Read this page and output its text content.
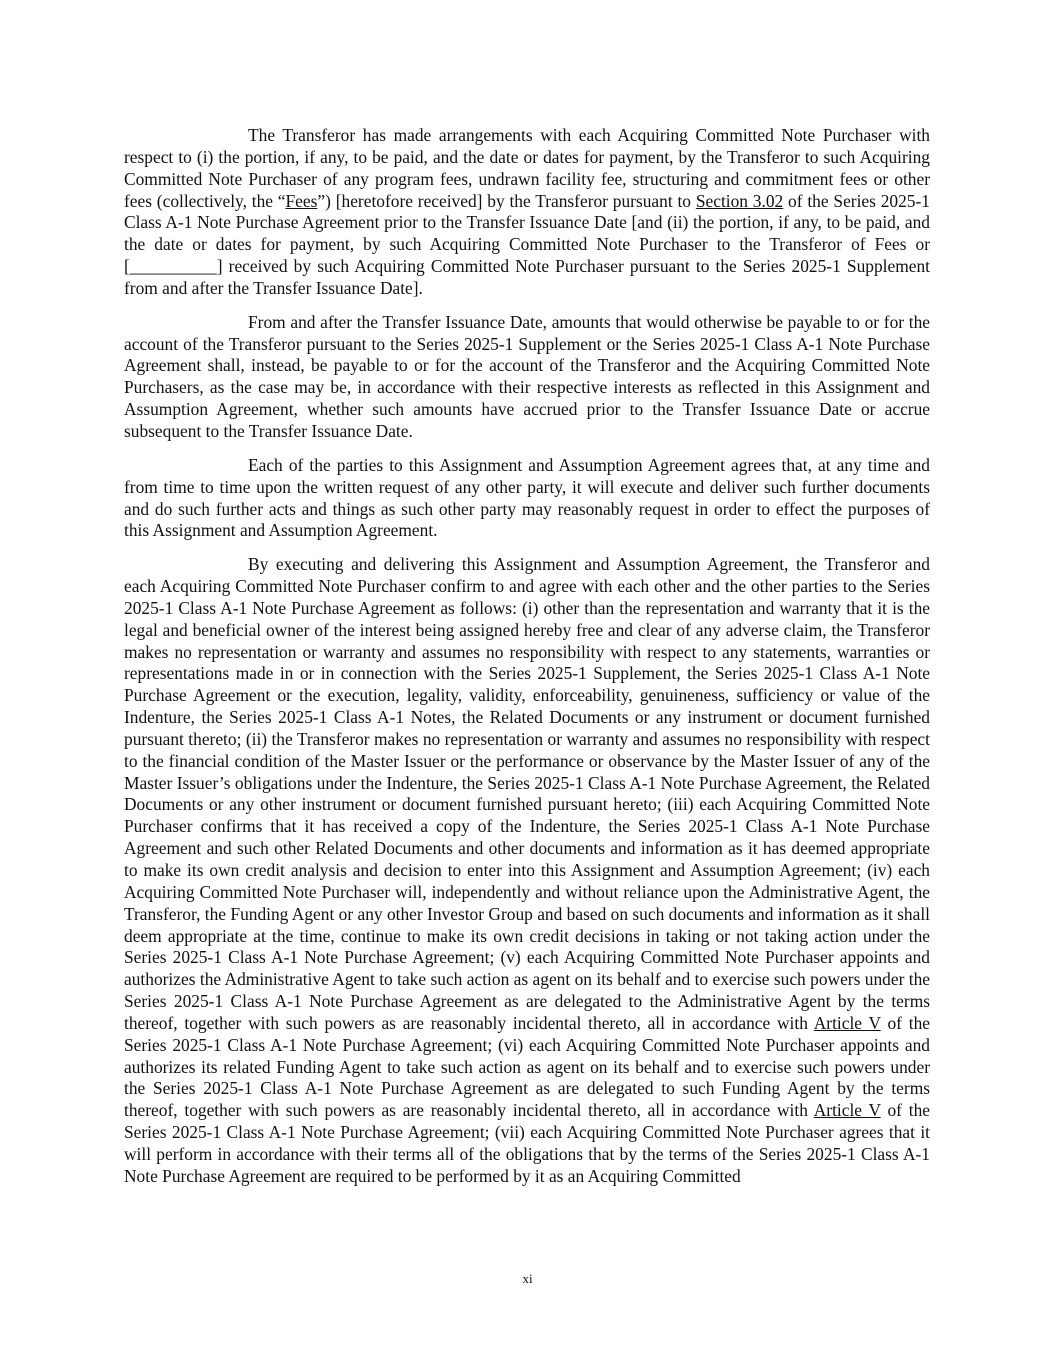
The Transferor has made arrangements with each Acquiring Committed Note Purchaser with respect to (i) the portion, if any, to be paid, and the date or dates for payment, by the Transferor to such Acquiring Committed Note Purchaser of any program fees, undrawn facility fee, structuring and commitment fees or other fees (collectively, the “Fees”) [heretofore received] by the Transferor pursuant to Section 3.02 of the Series 2025-1 Class A-1 Note Purchase Agreement prior to the Transfer Issuance Date [and (ii) the portion, if any, to be paid, and the date or dates for payment, by such Acquiring Committed Note Purchaser to the Transferor of Fees or [__________] received by such Acquiring Committed Note Purchaser pursuant to the Series 2025-1 Supplement from and after the Transfer Issuance Date].

From and after the Transfer Issuance Date, amounts that would otherwise be payable to or for the account of the Transferor pursuant to the Series 2025-1 Supplement or the Series 2025-1 Class A-1 Note Purchase Agreement shall, instead, be payable to or for the account of the Transferor and the Acquiring Committed Note Purchasers, as the case may be, in accordance with their respective interests as reflected in this Assignment and Assumption Agreement, whether such amounts have accrued prior to the Transfer Issuance Date or accrue subsequent to the Transfer Issuance Date.

Each of the parties to this Assignment and Assumption Agreement agrees that, at any time and from time to time upon the written request of any other party, it will execute and deliver such further documents and do such further acts and things as such other party may reasonably request in order to effect the purposes of this Assignment and Assumption Agreement.

By executing and delivering this Assignment and Assumption Agreement, the Transferor and each Acquiring Committed Note Purchaser confirm to and agree with each other and the other parties to the Series 2025-1 Class A-1 Note Purchase Agreement as follows: (i) other than the representation and warranty that it is the legal and beneficial owner of the interest being assigned hereby free and clear of any adverse claim, the Transferor makes no representation or warranty and assumes no responsibility with respect to any statements, warranties or representations made in or in connection with the Series 2025-1 Supplement, the Series 2025-1 Class A-1 Note Purchase Agreement or the execution, legality, validity, enforceability, genuineness, sufficiency or value of the Indenture, the Series 2025-1 Class A-1 Notes, the Related Documents or any instrument or document furnished pursuant thereto; (ii) the Transferor makes no representation or warranty and assumes no responsibility with respect to the financial condition of the Master Issuer or the performance or observance by the Master Issuer of any of the Master Issuer’s obligations under the Indenture, the Series 2025-1 Class A-1 Note Purchase Agreement, the Related Documents or any other instrument or document furnished pursuant hereto; (iii) each Acquiring Committed Note Purchaser confirms that it has received a copy of the Indenture, the Series 2025-1 Class A-1 Note Purchase Agreement and such other Related Documents and other documents and information as it has deemed appropriate to make its own credit analysis and decision to enter into this Assignment and Assumption Agreement; (iv) each Acquiring Committed Note Purchaser will, independently and without reliance upon the Administrative Agent, the Transferor, the Funding Agent or any other Investor Group and based on such documents and information as it shall deem appropriate at the time, continue to make its own credit decisions in taking or not taking action under the Series 2025-1 Class A-1 Note Purchase Agreement; (v) each Acquiring Committed Note Purchaser appoints and authorizes the Administrative Agent to take such action as agent on its behalf and to exercise such powers under the Series 2025-1 Class A-1 Note Purchase Agreement as are delegated to the Administrative Agent by the terms thereof, together with such powers as are reasonably incidental thereto, all in accordance with Article V of the Series 2025-1 Class A-1 Note Purchase Agreement; (vi) each Acquiring Committed Note Purchaser appoints and authorizes its related Funding Agent to take such action as agent on its behalf and to exercise such powers under the Series 2025-1 Class A-1 Note Purchase Agreement as are delegated to such Funding Agent by the terms thereof, together with such powers as are reasonably incidental thereto, all in accordance with Article V of the Series 2025-1 Class A-1 Note Purchase Agreement; (vii) each Acquiring Committed Note Purchaser agrees that it will perform in accordance with their terms all of the obligations that by the terms of the Series 2025-1 Class A-1 Note Purchase Agreement are required to be performed by it as an Acquiring Committed

xi
